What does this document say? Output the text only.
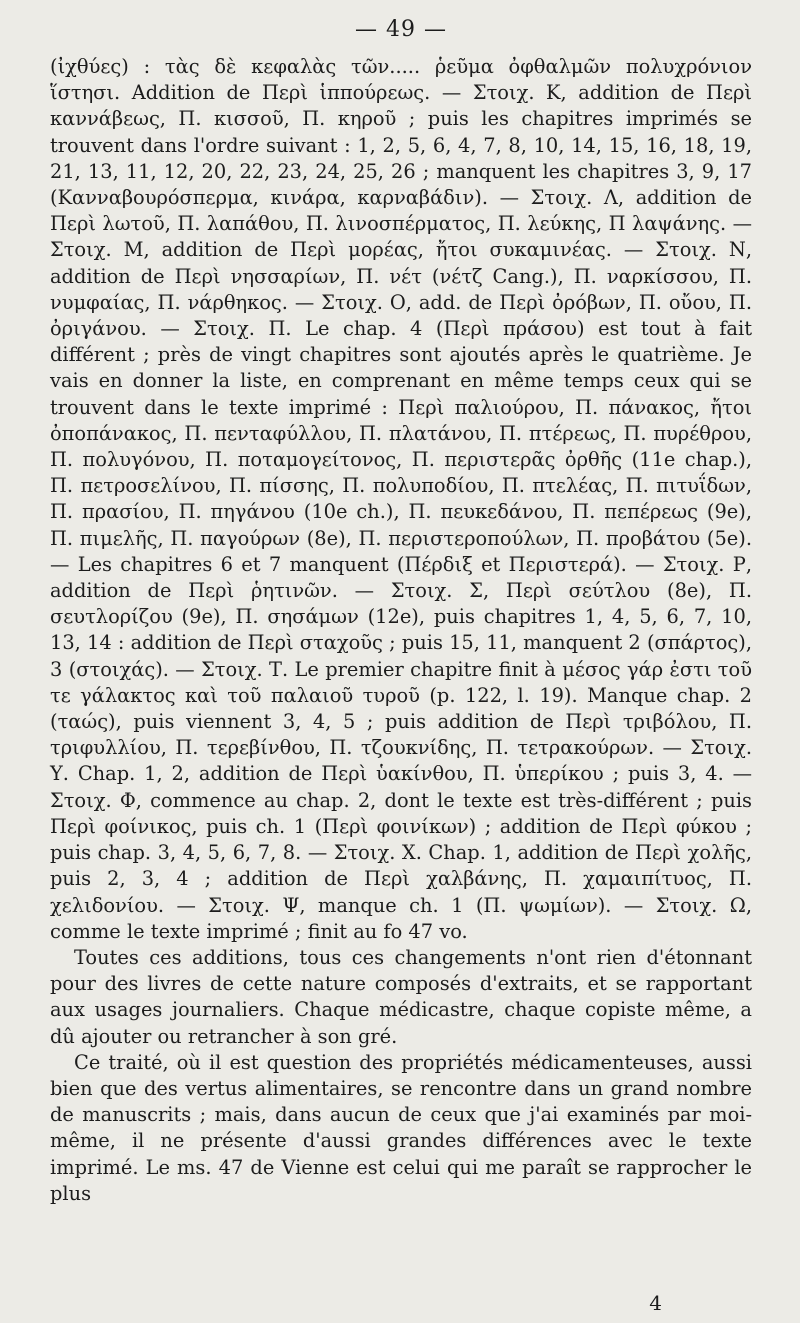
— 49 —

(ἰχθύες) : τὰς δὲ κεφαλὰς τῶν..... ῥεῦμα ὀφθαλμῶν πολυχρόνιον ἵστησι. Addition de Περὶ ἱππούρεως. — Στοιχ. Κ, addition de Περὶ καννάβεως, Π. κισσοῦ, Π. κηροῦ ; puis les chapitres imprimés se trouvent dans l'ordre suivant : 1, 2, 5, 6, 4, 7, 8, 10, 14, 15, 16, 18, 19, 21, 13, 11, 12, 20, 22, 23, 24, 25, 26 ; manquent les chapitres 3, 9, 17 (Κανναβουρόσπερμα, κινάρα, καρναβάδιν). — Στοιχ. Λ, addition de Περὶ λωτοῦ, Π. λαπάθου, Π. λινοσπέρματος, Π. λεύκης, Π λαψάνης. — Στοιχ. Μ, addition de Περὶ μορέας, ἤτοι συκαμινέας. — Στοιχ. Ν, addition de Περὶ νησσαρίων, Π. νέτ (νέτζ Cang.), Π. ναρκίσσου, Π. νυμφαίας, Π. νάρθηκος. — Στοιχ. Ο, add. de Περὶ ὀρόβων, Π. οὔου, Π. ὀριγάνου. — Στοιχ. Π. Le chap. 4 (Περὶ πράσου) est tout à fait différent ; près de vingt chapitres sont ajoutés après le quatrième. Je vais en donner la liste, en comprenant en même temps ceux qui se trouvent dans le texte imprimé : Περὶ παλιούρου, Π. πάνακος, ἤτοι ὀποπάνακος, Π. πενταφύλλου, Π. πλατάνου, Π. πτέρεως, Π. πυρέθρου, Π. πολυγόνου, Π. ποταμογείτονος, Π. περιστερᾶς ὀρθῆς (11e chap.), Π. πετροσελίνου, Π. πίσσης, Π. πολυποδίου, Π. πτελέας, Π. πιτυΐδων, Π. πρασίου, Π. πηγάνου (10e ch.), Π. πευκεδάνου, Π. πεπέρεως (9e), Π. πιμελῆς, Π. παγούρων (8e), Π. περιστεροπούλων, Π. προβάτου (5e). — Les chapitres 6 et 7 manquent (Πέρδιξ et Περιστερά). — Στοιχ. Ρ, addition de Περὶ ῥητινῶν. — Στοιχ. Σ, Περὶ σεύτλου (8e), Π. σευτλορίζου (9e), Π. σησάμων (12e), puis chapitres 1, 4, 5, 6, 7, 10, 13, 14 : addition de Περὶ σταχοῦς ; puis 15, 11, manquent 2 (σπάρτος), 3 (στοιχάς). — Στοιχ. Τ. Le premier chapitre finit à μέσος γάρ ἐστι τοῦ τε γάλακτος καὶ τοῦ παλαιοῦ τυροῦ (p. 122, l. 19). Manque chap. 2 (ταώς), puis viennent 3, 4, 5 ; puis addition de Περὶ τριβόλου, Π. τριφυλλίου, Π. τερεβίνθου, Π. τζουκνίδης, Π. τετρακούρων. — Στοιχ. Υ. Chap. 1, 2, addition de Περὶ ὑακίνθου, Π. ὑπερίκου ; puis 3, 4. — Στοιχ. Φ, commence au chap. 2, dont le texte est très-différent ; puis Περὶ φοίνικος, puis ch. 1 (Περὶ φοινίκων) ; addition de Περὶ φύκου ; puis chap. 3, 4, 5, 6, 7, 8. — Στοιχ. Χ. Chap. 1, addition de Περὶ χολῆς, puis 2, 3, 4 ; addition de Περὶ χαλβάνης, Π. χαμαιπίτυος, Π. χελιδονίου. — Στοιχ. Ψ, manque ch. 1 (Π. ψωμίων). — Στοιχ. Ω, comme le texte imprimé ; finit au fo 47 vo.

Toutes ces additions, tous ces changements n'ont rien d'étonnant pour des livres de cette nature composés d'extraits, et se rapportant aux usages journaliers. Chaque médicastre, chaque copiste même, a dû ajouter ou retrancher à son gré.

Ce traité, où il est question des propriétés médicamenteuses, aussi bien que des vertus alimentaires, se rencontre dans un grand nombre de manuscrits ; mais, dans aucun de ceux que j'ai examinés par moi-même, il ne présente d'aussi grandes différences avec le texte imprimé. Le ms. 47 de Vienne est celui qui me paraît se rapprocher le plus

4
